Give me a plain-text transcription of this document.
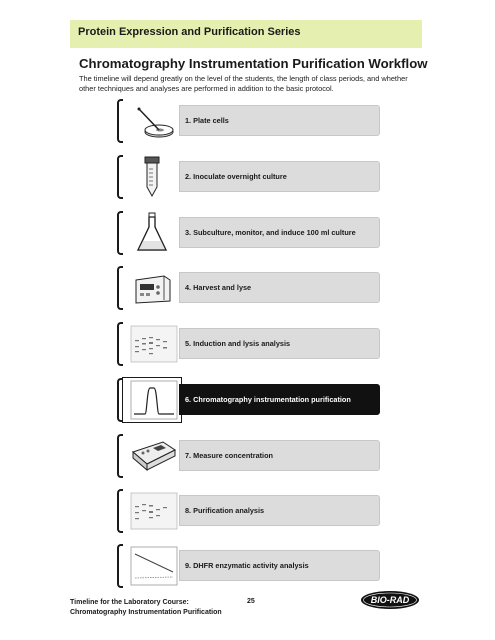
Protein Expression and Purification Series
Chromatography Instrumentation Purification Workflow

The timeline will depend greatly on the level of the students, the length of class periods, and whether other techniques and analyses are performed in addition to the basic protocol.

1. Plate cells
2. Inoculate overnight culture
3. Subculture, monitor, and induce 100 ml culture
4. Harvest and lyse
5. Induction and lysis analysis
6. Chromatography instrumentation purification
7. Measure concentration
8. Purification analysis
9. DHFR enzymatic activity analysis
Timeline for the Laboratory Course:
Chromatography Instrumentation Purification
25	BIO-RAD
